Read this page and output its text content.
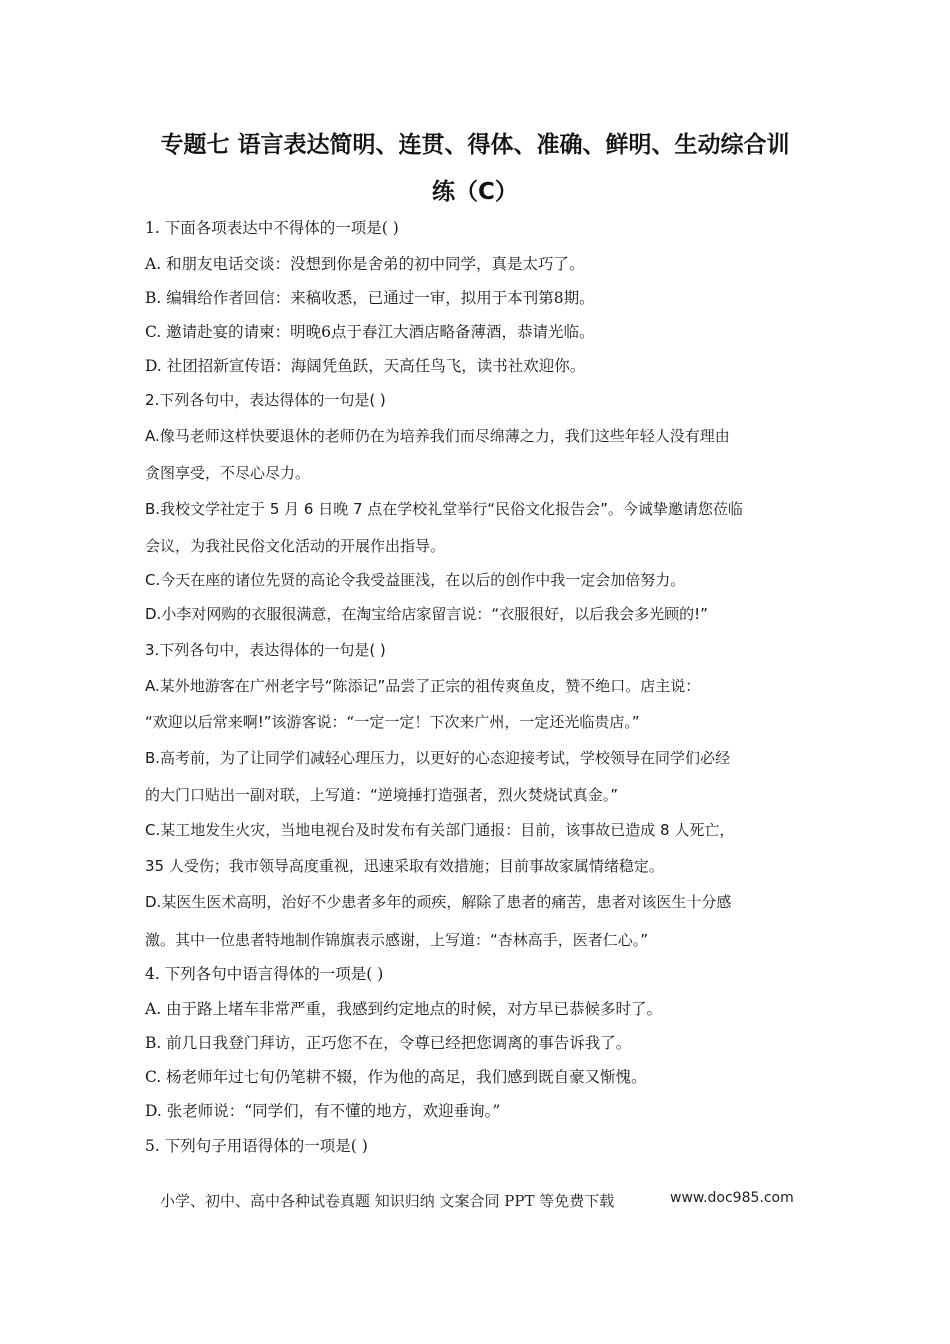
专题七 语言表达简明、连贯、得体、准确、鲜明、生动综合训
练（C）
1. 下面各项表达中不得体的一项是( )
A. 和朋友电话交谈：没想到你是舍弟的初中同学，真是太巧了。
B. 编辑给作者回信：来稿收悉，已通过一审，拟用于本刊第8期。
C. 邀请赴宴的请柬：明晚6点于春江大酒店略备薄酒，恭请光临。
D. 社团招新宣传语：海阔凭鱼跃，天高任鸟飞，读书社欢迎你。
2.下列各句中，表达得体的一句是( )
A.像马老师这样快要退休的老师仍在为培养我们而尽绵薄之力，我们这些年轻人没有理由
贪图享受，不尽心尽力。
B.我校文学社定于 5 月 6 日晚 7 点在学校礼堂举行“民俗文化报告会”。今诚挚邀请您莅临
会议，为我社民俗文化活动的开展作出指导。
C.今天在座的诸位先贤的高论令我受益匪浅，在以后的创作中我一定会加倍努力。
D.小李对网购的衣服很满意，在淘宝给店家留言说：“衣服很好，以后我会多光顾的!”
3.下列各句中，表达得体的一句是( )
A.某外地游客在广州老字号“陈添记”品尝了正宗的祖传爽鱼皮，赞不绝口。店主说：
“欢迎以后常来啊!”该游客说：“一定一定！下次来广州，一定还光临贵店。”
B.高考前，为了让同学们减轻心理压力，以更好的心态迎接考试，学校领导在同学们必经
的大门口贴出一副对联，上写道：“逆境捶打造强者，烈火焚烧试真金。”
C.某工地发生火灾，当地电视台及时发布有关部门通报：目前，该事故已造成 8 人死亡，
35 人受伤；我市领导高度重视，迅速采取有效措施；目前事故家属情绪稳定。
D.某医生医术高明，治好不少患者多年的顽疾，解除了患者的痛苦，患者对该医生十分感
激。其中一位患者特地制作锦旗表示感谢，上写道：“杏林高手，医者仁心。”
4. 下列各句中语言得体的一项是( )
A. 由于路上堵车非常严重，我感到约定地点的时候，对方早已恭候多时了。
B. 前几日我登门拜访，正巧您不在，令尊已经把您调离的事告诉我了。
C. 杨老师年过七旬仍笔耕不辍，作为他的高足，我们感到既自豪又惭愧。
D. 张老师说：“同学们，有不懂的地方，欢迎垂询。”
5. 下列句子用语得体的一项是( )
小学、初中、高中各种试卷真题 知识归纳 文案合同 PPT 等免费下载	www.doc985.com
